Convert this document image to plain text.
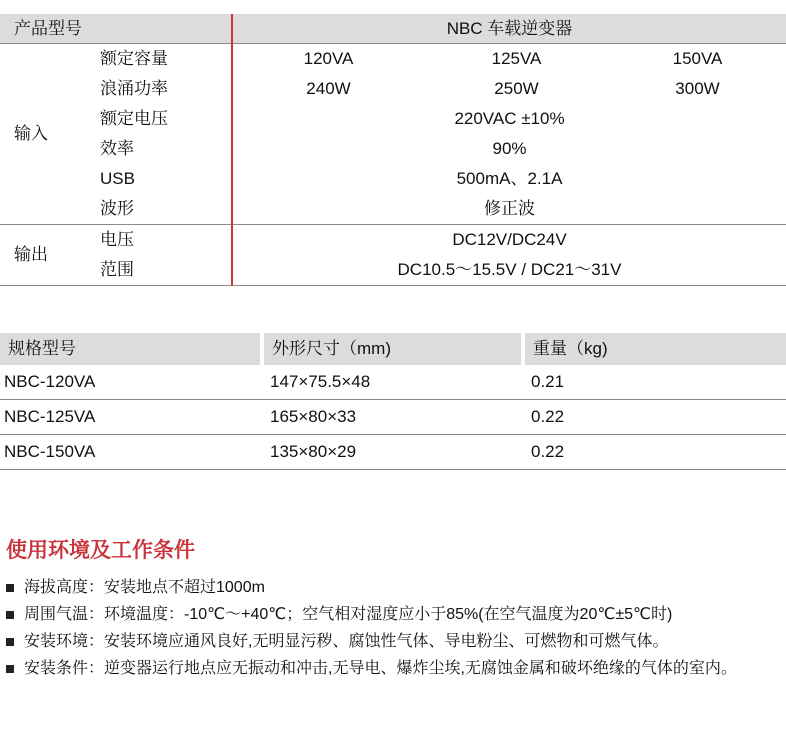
产品型号		NBC 车载逆变器		
输入	额定容量	120VA	125VA	150VA
	浪涌功率	240W	250W	300W
	额定电压	220VAC ±10%		
	效率	90%		
	USB	500mA、2.1A		
	波形	修正波		
输出	电压	DC12V/DC24V		
	范围	DC10.5～15.5V / DC21～31V		
规格型号	外形尺寸（mm)	重量（kg)
NBC-120VA	147×75.5×48	0.21
NBC-125VA	165×80×33	0.22
NBC-150VA	135×80×29	0.22
使用环境及工作条件
海拔高度：安装地点不超过1000m
周围气温：环境温度：-10℃～+40℃；空气相对湿度应小于85%(在空气温度为20℃±5℃时)
安装环境：安装环境应通风良好,无明显污秽、腐蚀性气体、导电粉尘、可燃物和可燃气体。
安装条件：逆变器运行地点应无振动和冲击,无导电、爆炸尘埃,无腐蚀金属和破坏绝缘的气体的室内。
